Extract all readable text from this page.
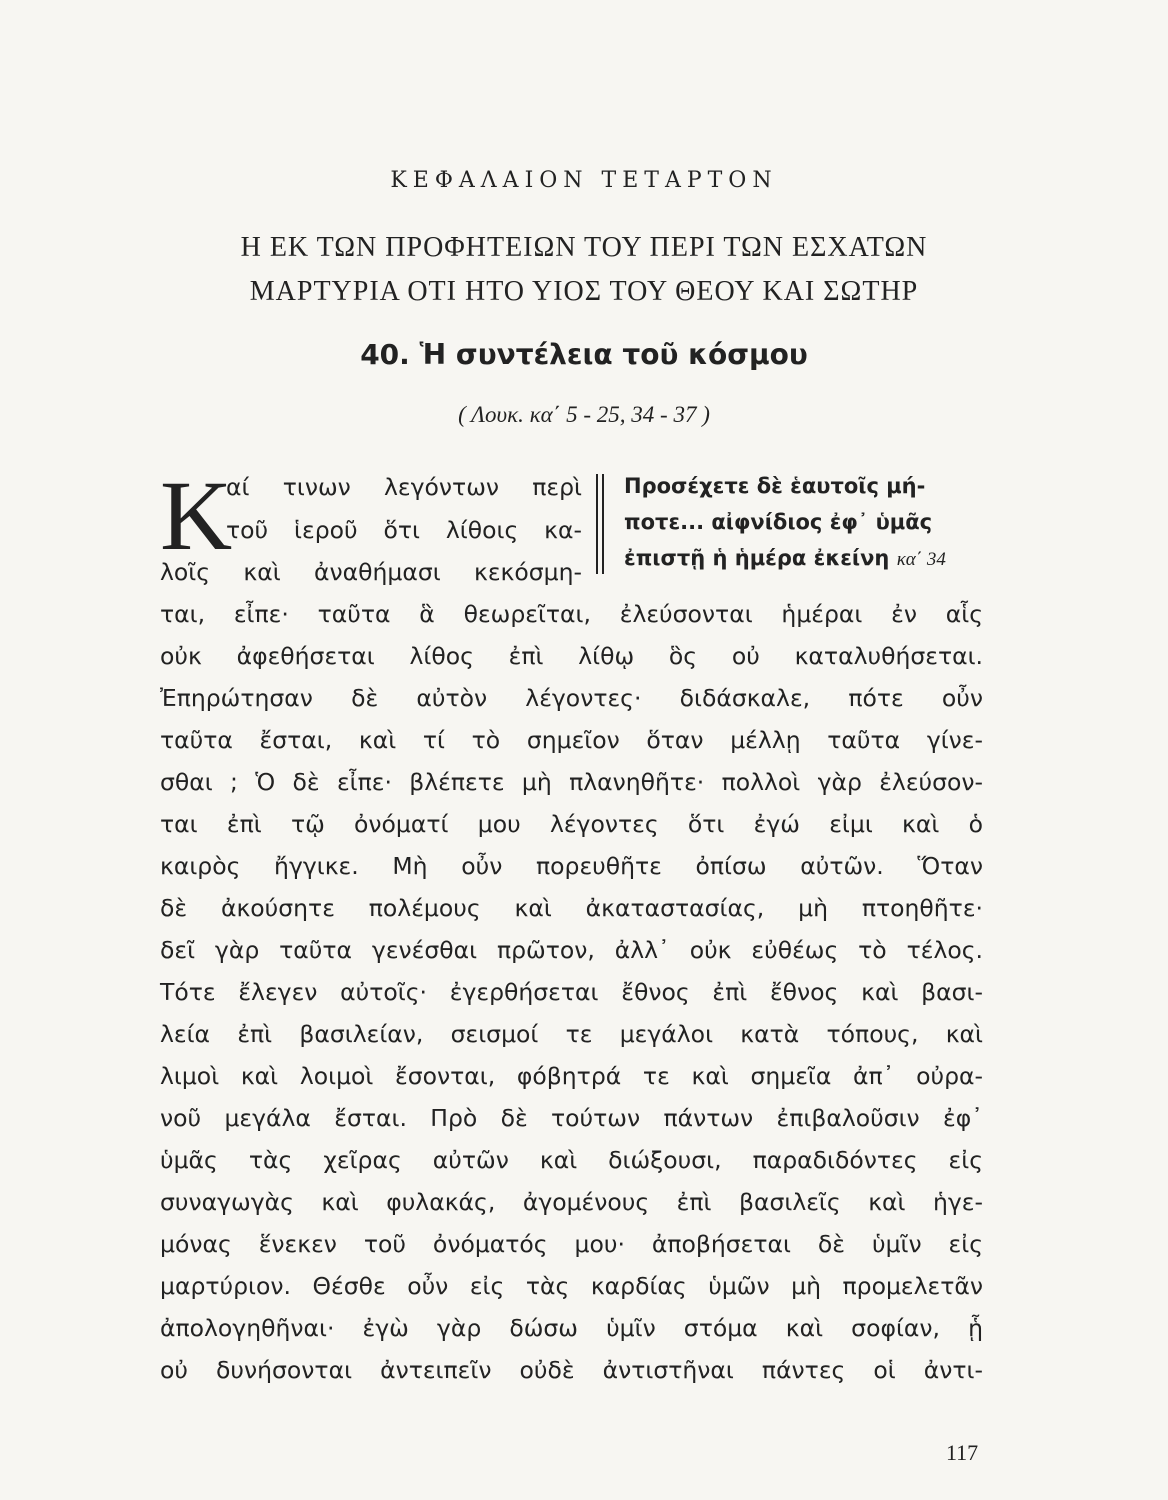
ΚΕΦΑΛΑΙΟΝ ΤΕΤΑΡΤΟΝ
Η ΕΚ ΤΩΝ ΠΡΟΦΗΤΕΙΩΝ ΤΟΥ ΠΕΡΙ ΤΩΝ ΕΣΧΑΤΩΝ
ΜΑΡΤΥΡΙΑ ΟΤΙ ΗΤΟ ΥΙΟΣ ΤΟΥ ΘΕΟΥ ΚΑΙ ΣΩΤΗΡ
40. Ἡ συντέλεια τοῦ κόσμου
( Λουκ. κα΄ 5 - 25, 34 - 37 )
Κ
αί τινων λεγόντων περὶ
τοῦ ἱεροῦ ὅτι λίθοις κα-
λοῖς καὶ ἀναθήμασι κεκόσμη-
Προσέχετε δὲ ἑαυτοῖς μή-
ποτε... αἰφνίδιος ἐφ᾿ ὑμᾶς
ἐπιστῇ ἡ ἡμέρα ἐκείνη κα΄ 34
ται, εἶπε· ταῦτα ἃ θεωρεῖται, ἐλεύσονται ἡμέραι ἐν αἷς
οὐκ ἀφεθήσεται λίθος ἐπὶ λίθῳ ὃς οὐ καταλυθήσεται.
Ἐπηρώτησαν δὲ αὐτὸν λέγοντες· διδάσκαλε, πότε οὖν
ταῦτα ἔσται, καὶ τί τὸ σημεῖον ὅταν μέλλῃ ταῦτα γίνε-
σθαι ; Ὁ δὲ εἶπε· βλέπετε μὴ πλανηθῆτε· πολλοὶ γὰρ ἐλεύσον-
ται ἐπὶ τῷ ὀνόματί μου λέγοντες ὅτι ἐγώ εἰμι καὶ ὁ
καιρὸς ἤγγικε. Μὴ οὖν πορευθῆτε ὀπίσω αὐτῶν. Ὅταν
δὲ ἀκούσητε πολέμους καὶ ἀκαταστασίας, μὴ πτοηθῆτε·
δεῖ γὰρ ταῦτα γενέσθαι πρῶτον, ἀλλ᾿ οὐκ εὐθέως τὸ τέλος.
Τότε ἔλεγεν αὐτοῖς· ἐγερθήσεται ἔθνος ἐπὶ ἔθνος καὶ βασι-
λεία ἐπὶ βασιλείαν, σεισμοί τε μεγάλοι κατὰ τόπους, καὶ
λιμοὶ καὶ λοιμοὶ ἔσονται, φόβητρά τε καὶ σημεῖα ἀπ᾿ οὐρα-
νοῦ μεγάλα ἔσται. Πρὸ δὲ τούτων πάντων ἐπιβαλοῦσιν ἐφ᾿
ὑμᾶς τὰς χεῖρας αὐτῶν καὶ διώξουσι, παραδιδόντες εἰς
συναγωγὰς καὶ φυλακάς, ἀγομένους ἐπὶ βασιλεῖς καὶ ἡγε-
μόνας ἕνεκεν τοῦ ὀνόματός μου· ἀποβήσεται δὲ ὑμῖν εἰς
μαρτύριον. Θέσθε οὖν εἰς τὰς καρδίας ὑμῶν μὴ προμελετᾶν
ἀπολογηθῆναι· ἐγὼ γὰρ δώσω ὑμῖν στόμα καὶ σοφίαν, ᾗ
οὐ δυνήσονται ἀντειπεῖν οὐδὲ ἀντιστῆναι πάντες οἱ ἀντι-
117
